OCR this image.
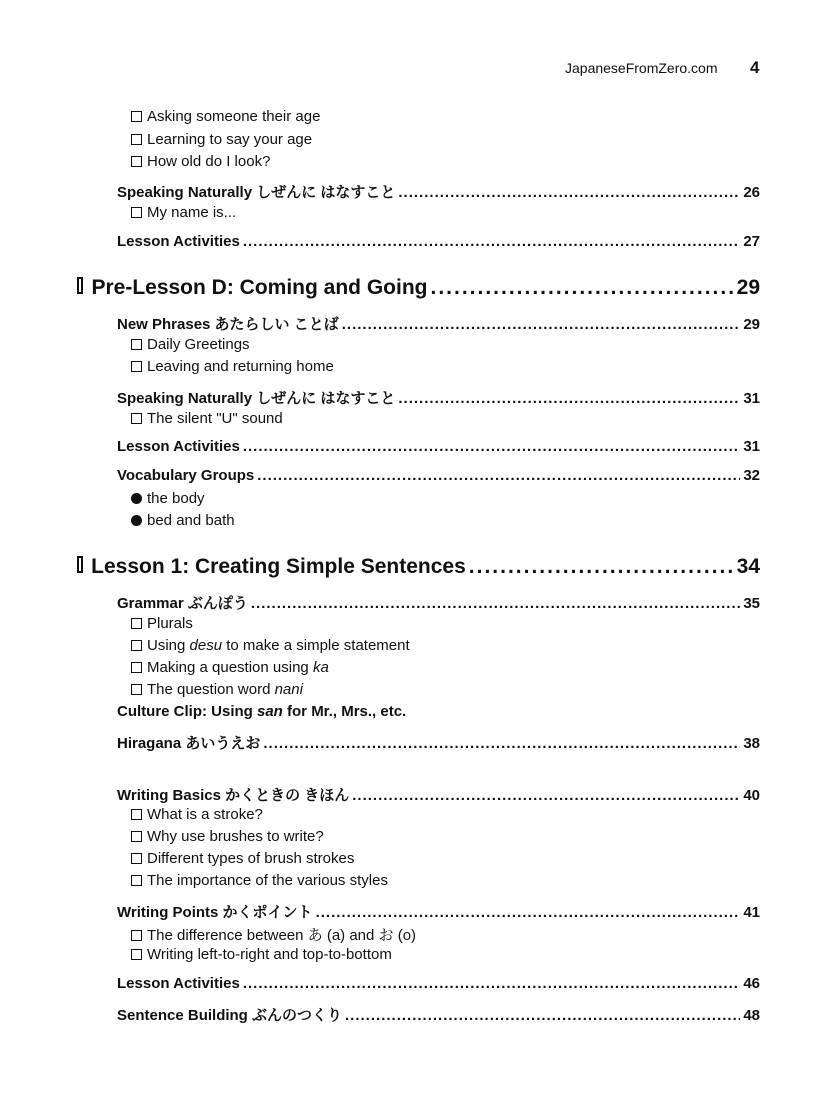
JapaneseFromZero.com 4
Asking someone their age
Learning to say your age
How old do I look?
Speaking Naturally しぜんに はなすこと .....	26
My name is...
Lesson Activities .....	27
Pre-Lesson D: Coming and Going .....	29
New Phrases あたらしい ことば .....	29
Daily Greetings
Leaving and returning home
Speaking Naturally しぜんに はなすこと .....	31
The silent "U" sound
Lesson Activities .....	31
Vocabulary Groups .....	32
the body
bed and bath
Lesson 1: Creating Simple Sentences .....	34
Grammar ぶんぽう .....	35
Plurals
Using desu to make a simple statement
Making a question using ka
The question word nani
Culture Clip: Using san for Mr., Mrs., etc.
Hiragana あいうえお .....	38
Writing Basics かくときの きほん .....	40
What is a stroke?
Why use brushes to write?
Different types of brush strokes
The importance of the various styles
Writing Points かくポイント .....	41
The difference between あ (a) and お (o)
Writing left-to-right and top-to-bottom
Lesson Activities .....	46
Sentence Building ぶんのつくり .....	48
